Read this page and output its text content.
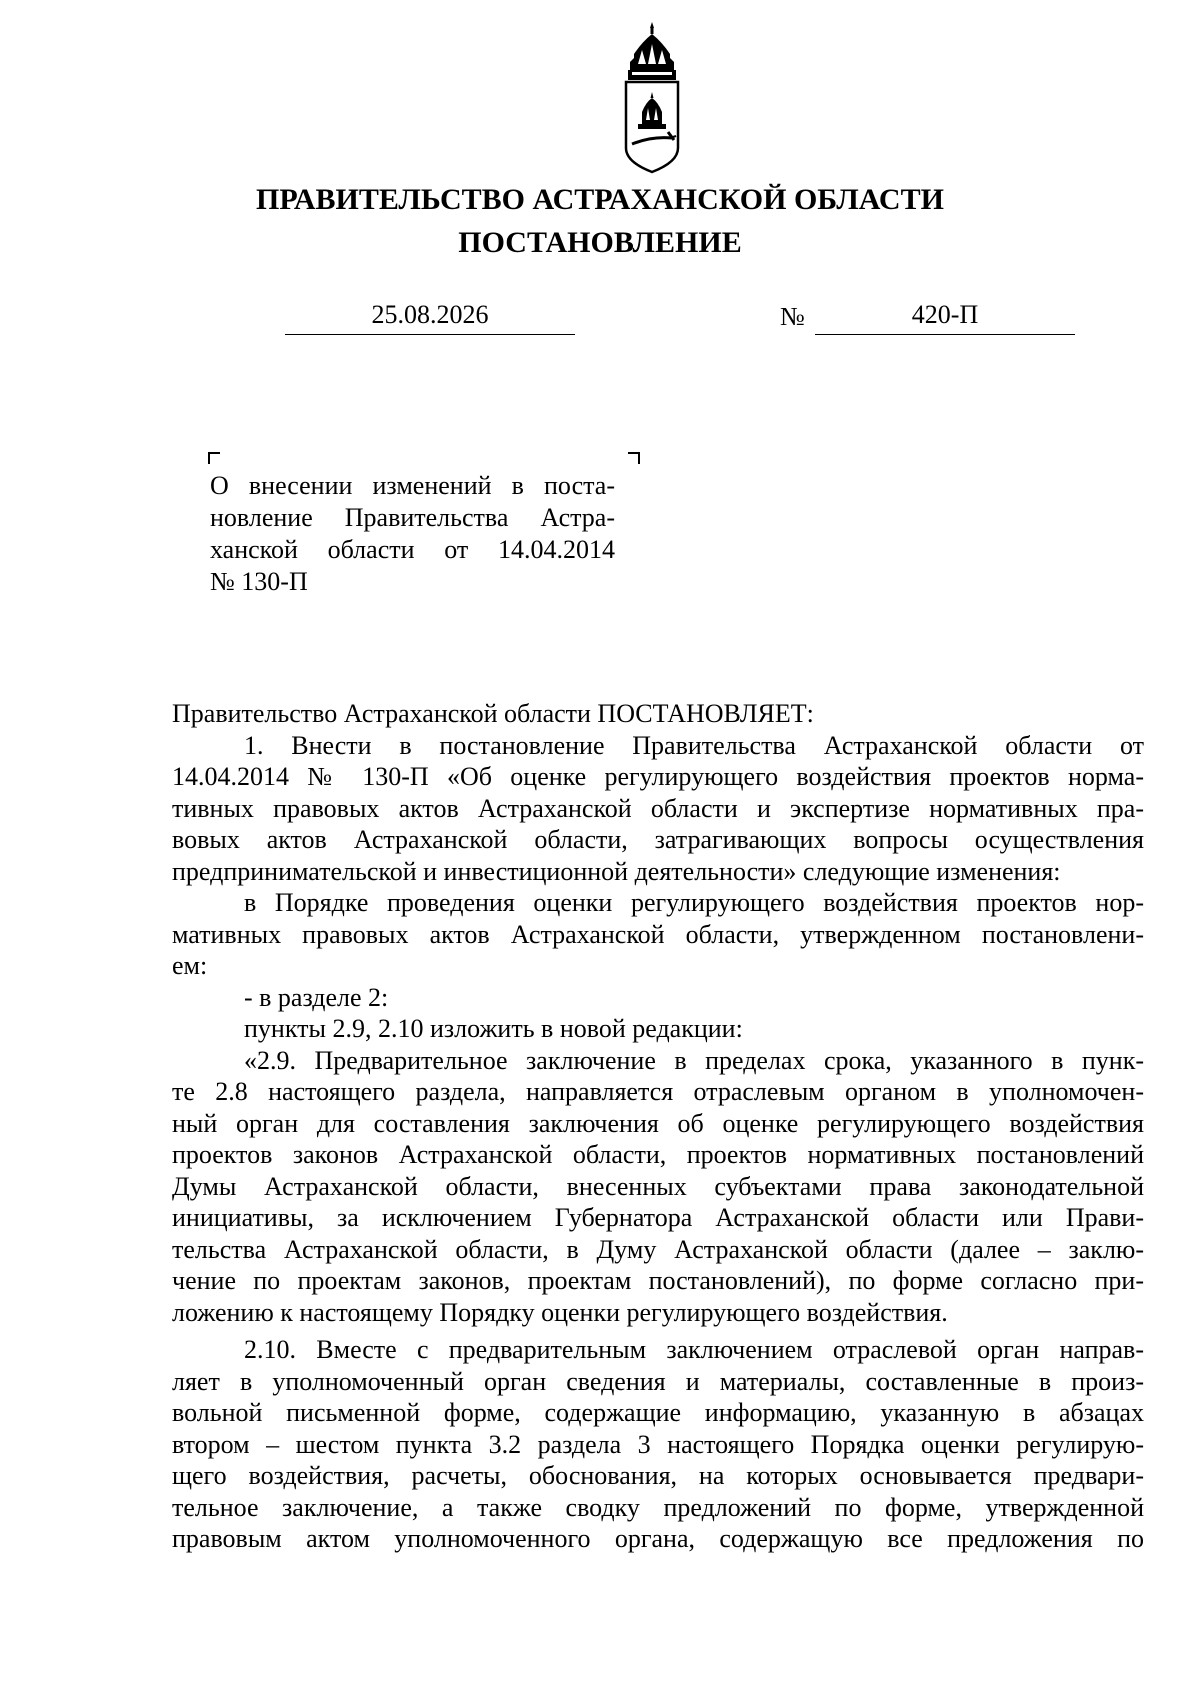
ПРАВИТЕЛЬСТВО АСТРАХАНСКОЙ ОБЛАСТИ
ПОСТАНОВЛЕНИЕ
25.08.2026	№	420-П

О внесении изменений в поста-
новление Правительства Астра-
ханской области от 14.04.2014
№ 130-П

Правительство Астраханской области ПОСТАНОВЛЯЕТ:
1. Внести в постановление Правительства Астраханской области от
14.04.2014 № 130-П «Об оценке регулирующего воздействия проектов норма-
тивных правовых актов Астраханской области и экспертизе нормативных пра-
вовых актов Астраханской области, затрагивающих вопросы осуществления
предпринимательской и инвестиционной деятельности» следующие изменения:
в Порядке проведения оценки регулирующего воздействия проектов нор-
мативных правовых актов Астраханской области, утвержденном постановлени-
ем:
- в разделе 2:
пункты 2.9, 2.10 изложить в новой редакции:
«2.9. Предварительное заключение в пределах срока, указанного в пунк-
те 2.8 настоящего раздела, направляется отраслевым органом в уполномочен-
ный орган для составления заключения об оценке регулирующего воздействия
проектов законов Астраханской области, проектов нормативных постановлений
Думы Астраханской области, внесенных субъектами права законодательной
инициативы, за исключением Губернатора Астраханской области или Прави-
тельства Астраханской области, в Думу Астраханской области (далее – заклю-
чение по проектам законов, проектам постановлений), по форме согласно при-
ложению к настоящему Порядку оценки регулирующего воздействия.
2.10. Вместе с предварительным заключением отраслевой орган направ-
ляет в уполномоченный орган сведения и материалы, составленные в произ-
вольной письменной форме, содержащие информацию, указанную в абзацах
втором – шестом пункта 3.2 раздела 3 настоящего Порядка оценки регулирую-
щего воздействия, расчеты, обоснования, на которых основывается предвари-
тельное заключение, а также сводку предложений по форме, утвержденной
правовым актом уполномоченного органа, содержащую все предложения по
